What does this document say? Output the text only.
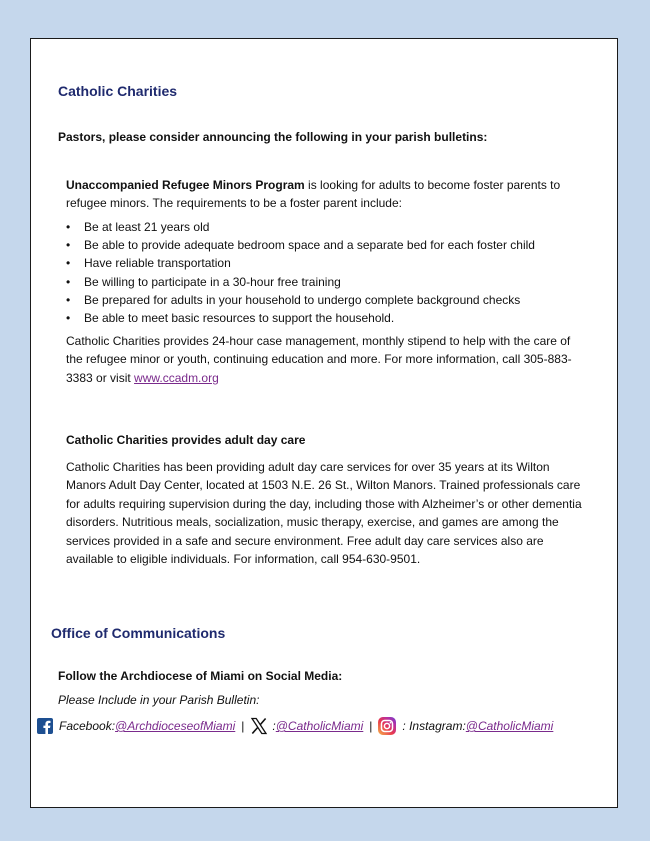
Catholic Charities

Pastors, please consider announcing the following in your parish bulletins:

Unaccompanied Refugee Minors Program is looking for adults to become foster parents to refugee minors. The requirements to be a foster parent include:

• Be at least 21 years old
• Be able to provide adequate bedroom space and a separate bed for each foster child
• Have reliable transportation
• Be willing to participate in a 30-hour free training
• Be prepared for adults in your household to undergo complete background checks
• Be able to meet basic resources to support the household.

Catholic Charities provides 24-hour case management, monthly stipend to help with the care of the refugee minor or youth, continuing education and more. For more information, call 305-883-3383 or visit www.ccadm.org

Catholic Charities provides adult day care

Catholic Charities has been providing adult day care services for over 35 years at its Wilton Manors Adult Day Center, located at 1503 N.E. 26 St., Wilton Manors. Trained professionals care for adults requiring supervision during the day, including those with Alzheimer’s or other dementia disorders. Nutritious meals, socialization, music therapy, exercise, and games are among the services provided in a safe and secure environment. Free adult day care services also are available to eligible individuals. For information, call 954-630-9501.

Office of Communications

Follow the Archdiocese of Miami on Social Media:

Please Include in your Parish Bulletin:

Facebook: @ArchdioceseofMiami | : @CatholicMiami |	: Instagram: @CatholicMiami
